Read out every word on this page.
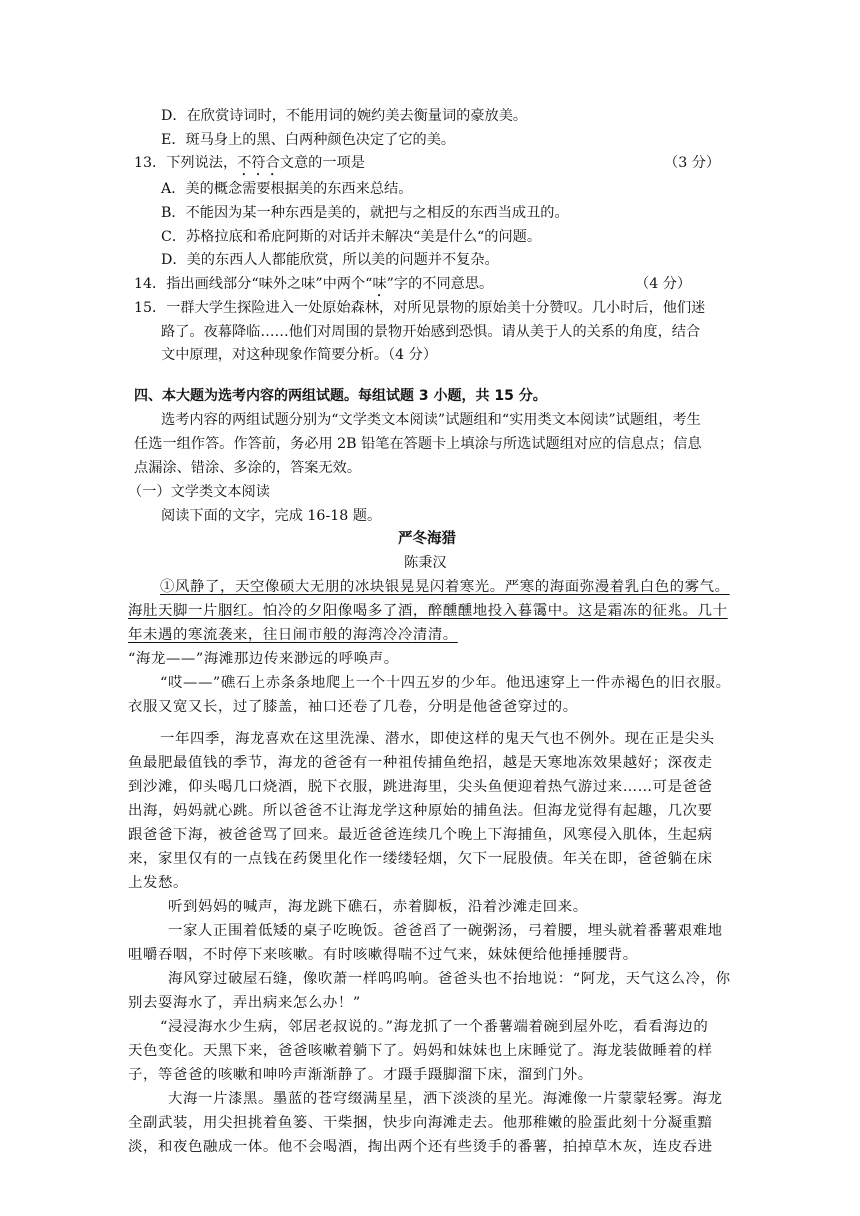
D．在欣赏诗词时，不能用词的婉约美去衡量词的豪放美。
E．斑马身上的黑、白两种颜色决定了它的美。
13．下列说法，不符合文意的一项是	（3 分）
A．美的概念需要根据美的东西来总结。
B．不能因为某一种东西是美的，就把与之相反的东西当成丑的。
C．苏格拉底和希庇阿斯的对话并未解决“美是什么“的问题。
D．美的东西人人都能欣赏，所以美的问题并不复杂。
14．指出画线部分“味外之味”中两个“味”字的不同意思。	（4 分）
15．一群大学生探险进入一处原始森林，对所见景物的原始美十分赞叹。几小时后，他们迷
路了。夜幕降临……他们对周围的景物开始感到恐惧。请从美于人的关系的角度，结合
文中原理，对这种现象作简要分析。（4 分）
四、本大题为选考内容的两组试题。每组试题 3 小题，共 15 分。
选考内容的两组试题分别为“文学类文本阅读”试题组和“实用类文本阅读”试题组，考生
任选一组作答。作答前，务必用 2B 铅笔在答题卡上填涂与所选试题组对应的信息点；信息
点漏涂、错涂、多涂的，答案无效。
（一）文学类文本阅读
阅读下面的文字，完成 16-18 题。
严冬海猎
陈秉汉
①风静了，天空像硕大无朋的冰块银晃晃闪着寒光。严寒的海面弥漫着乳白色的雾气。
海肚天脚一片胭红。怕冷的夕阳像喝多了酒，醉醺醺地投入暮霭中。这是霜冻的征兆。几十
年未遇的寒流袭来，往日闹市般的海湾冷冷清清。
“海龙——”海滩那边传来渺远的呼唤声。
“哎——”礁石上赤条条地爬上一个十四五岁的少年。他迅速穿上一件赤褐色的旧衣服。
衣服又宽又长，过了膝盖，袖口还卷了几卷，分明是他爸爸穿过的。
一年四季，海龙喜欢在这里洗澡、潜水，即使这样的鬼天气也不例外。现在正是尖头
鱼最肥最值钱的季节，海龙的爸爸有一种祖传捕鱼绝招，越是天寒地冻效果越好；深夜走
到沙滩，仰头喝几口烧酒，脱下衣服，跳进海里，尖头鱼便迎着热气游过来……可是爸爸
出海，妈妈就心跳。所以爸爸不让海龙学这种原始的捕鱼法。但海龙觉得有起趣，几次要
跟爸爸下海，被爸爸骂了回来。最近爸爸连续几个晚上下海捕鱼，风寒侵入肌体，生起病
来，家里仅有的一点钱在药煲里化作一缕缕轻烟，欠下一屁股债。年关在即，爸爸躺在床
上发愁。
听到妈妈的喊声，海龙跳下礁石，赤着脚板，沿着沙滩走回来。
一家人正围着低矮的桌子吃晚饭。爸爸舀了一碗粥汤，弓着腰，埋头就着番薯艰难地
咀嚼吞咽，不时停下来咳嗽。有时咳嗽得喘不过气来，妹妹便给他捶捶腰背。
海风穿过破屋石缝，像吹萧一样呜呜响。爸爸头也不抬地说：“阿龙，天气这么冷，你
别去耍海水了，弄出病来怎么办！”
“浸浸海水少生病，邻居老叔说的。”海龙抓了一个番薯端着碗到屋外吃，看看海边的
天色变化。天黑下来，爸爸咳嗽着躺下了。妈妈和妹妹也上床睡觉了。海龙装做睡着的样
子，等爸爸的咳嗽和呻吟声渐渐静了。才蹑手蹑脚溜下床，溜到门外。
大海一片漆黑。墨蓝的苍穹缀满星星，洒下淡淡的星光。海滩像一片蒙蒙轻雾。海龙
全副武装，用尖担挑着鱼篓、干柴捆，快步向海滩走去。他那稚嫩的脸蛋此刻十分凝重黯
淡，和夜色融成一体。他不会喝酒，掏出两个还有些烫手的番薯，拍掉草木灰，连皮吞进
